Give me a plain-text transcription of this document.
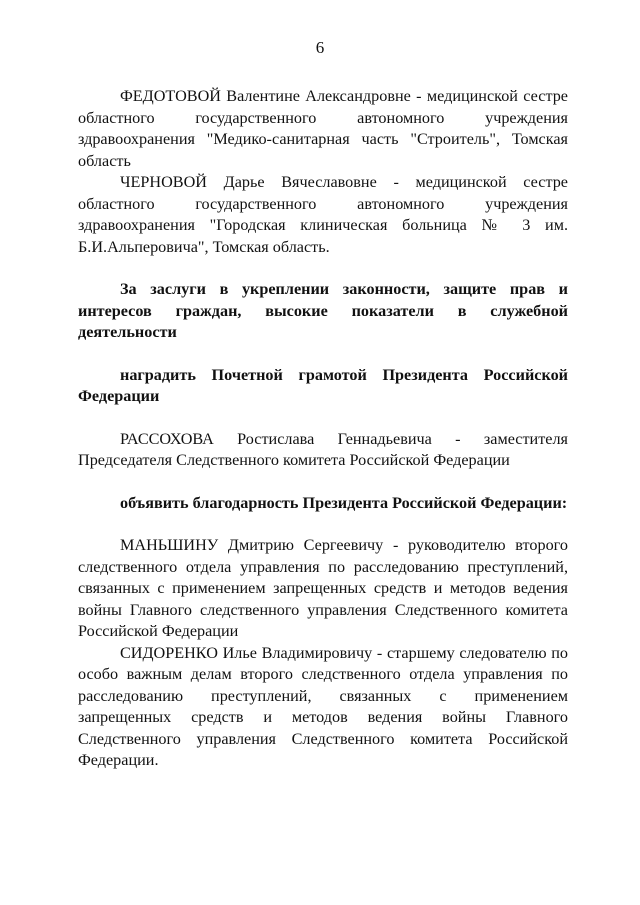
6

ФЕДОТОВОЙ Валентине Александровне - медицинской сестре областного государственного автономного учреждения здравоохранения "Медико-санитарная часть "Строитель", Томская область

ЧЕРНОВОЙ Дарье Вячеславовне - медицинской сестре областного государственного автономного учреждения здравоохранения "Городская клиническая больница № 3 им. Б.И.Альперовича", Томская область.

За заслуги в укреплении законности, защите прав и интересов граждан, высокие показатели в служебной деятельности

наградить Почетной грамотой Президента Российской Федерации

РАССОХОВА Ростислава Геннадьевича - заместителя Председателя Следственного комитета Российской Федерации

объявить благодарность Президента Российской Федерации:

МАНЬШИНУ Дмитрию Сергеевичу - руководителю второго следственного отдела управления по расследованию преступлений, связанных с применением запрещенных средств и методов ведения войны Главного следственного управления Следственного комитета Российской Федерации

СИДОРЕНКО Илье Владимировичу - старшему следователю по особо важным делам второго следственного отдела управления по расследованию преступлений, связанных с применением запрещенных средств и методов ведения войны Главного Следственного управления Следственного комитета Российской Федерации.
